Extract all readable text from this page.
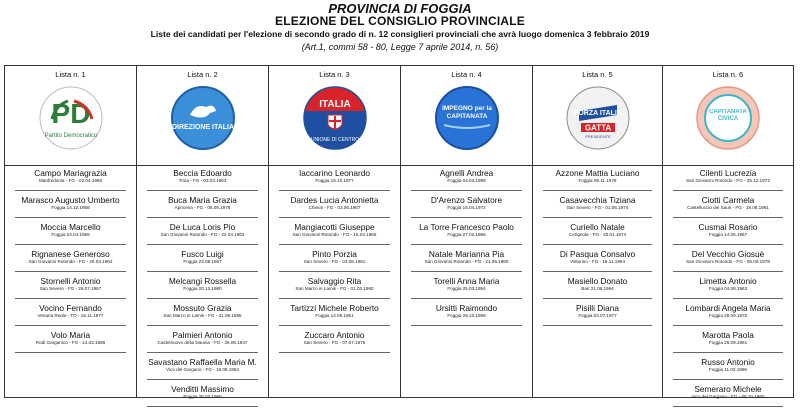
PROVINCIA DI FOGGIA
ELEZIONE DEL CONSIGLIO PROVINCIALE
Liste dei candidati per l'elezione di secondo grado di n. 12 consiglieri provinciali che avrà luogo domenica 3 febbraio 2019
(Art.1, commi 58 - 80, Legge 7 aprile 2014, n. 56)
Lista n. 1
PD
Partito Democratico
Campo Mariagrazia
Manfredonia - FG - 02.04.1966
Marasco Augusto Umberto
Foggia 14.12.1958
Moccia Marcello
Foggia 24.04.1969
Rignanese Generoso
San Giovanni Rotondo - FG - 26.04.1962
Stornelli Antonio
San Severo - FG - 26.07.1967
Vocino Fernando
Venaria Reale - TO - 15.11.1977
Volo Maria
Rodi Garganico - FG - 14.03.1986
Lista n. 2
DIREZIONE ITALIA
Beccia Edoardo
Troia - FG - 03.03.1963
Buca Maria Grazia
Apricena - FG - 06.09.1978
De Luca Loris Pio
San Giovanni Rotondo - FG - 22.04.1963
Fusco Luigi
Foggia 23.08.1957
Melcangi Rossella
Foggia 20.12.1980
Mossuto Grazia
San Marco in Lamis - FG - 31.08.1985
Palmieri Antonio
Castelnuovo della Daunia - FG - 26.06.1947
Savastano Raffaella Maria M.
Vico del Gargano - FG - 18.08.1964
Venditti Massimo
Foggia 26.03.1960
Lista n. 3
ITALIA
UNIONE DI CENTRO
Iaccarino Leonardo
Foggia 15.10.1977
Dardes Lucia Antonietta
Chieuti - FG - 03.06.1967
Mangiacotti Giuseppe
San Giovanni Rotondo - FG - 15.04.1965
Pinto Porzia
San Severo - FG - 03.08.1981
Salvaggio Rita
San Marco in Lamis - FG - 01.03.1960
Tartizzi Michele Roberto
Foggia 14.08.1961
Zuccaro Antonio
San Severo - FG - 07.07.1975
Lista n. 4
IMPEGNO per la CAPITANATA
Agnelli Andrea
Foggia 04.03.1999
D'Arenzo Salvatore
Foggia 16.04.1972
La Torre Francesco Paolo
Foggia 27.02.1966
Natale Marianna Pia
San Giovanni Rotondo - FG - 21.06.1980
Torelli Anna Maria
Foggia 25.03.1954
Ursitti Raimondo
Foggia 29.10.1958
Lista n. 5
FORZA ITALIA
GATTA
PRESIDENTE
Azzone Mattia Luciano
Foggia 09.11.1979
Casavecchia Tiziana
San Severo - FG - 01.06.1974
Curiello Natale
Cerignola - FG - 25.01.1974
Di Pasqua Consalvo
Volturino - FG - 16.11.1964
Masiello Donato
Bari 21.06.1964
Pisilli Diana
Foggia 03.07.1977
Lista n. 6
CAPITANATA CIVICA
Cilenti Lucrezia
San Giovanni Rotondo - FG - 25.12.1972
Ciotti Carmela
Castelluccio dei Sauri - FG - 19.08.1961
Cusmai Rosario
Foggia 14.05.1967
Del Vecchio Giosuè
San Giovanni Rotondo - FG - 05.06.1978
Limetta Antonio
Foggia 04.08.1963
Lombardi Angela Maria
Foggia 28.09.1970
Marotta Paola
Foggia 25.09.1961
Russo Antonio
Foggia 11.03.1966
Semeraro Michele
Vico del Gargano - FG - 08.10.1960
